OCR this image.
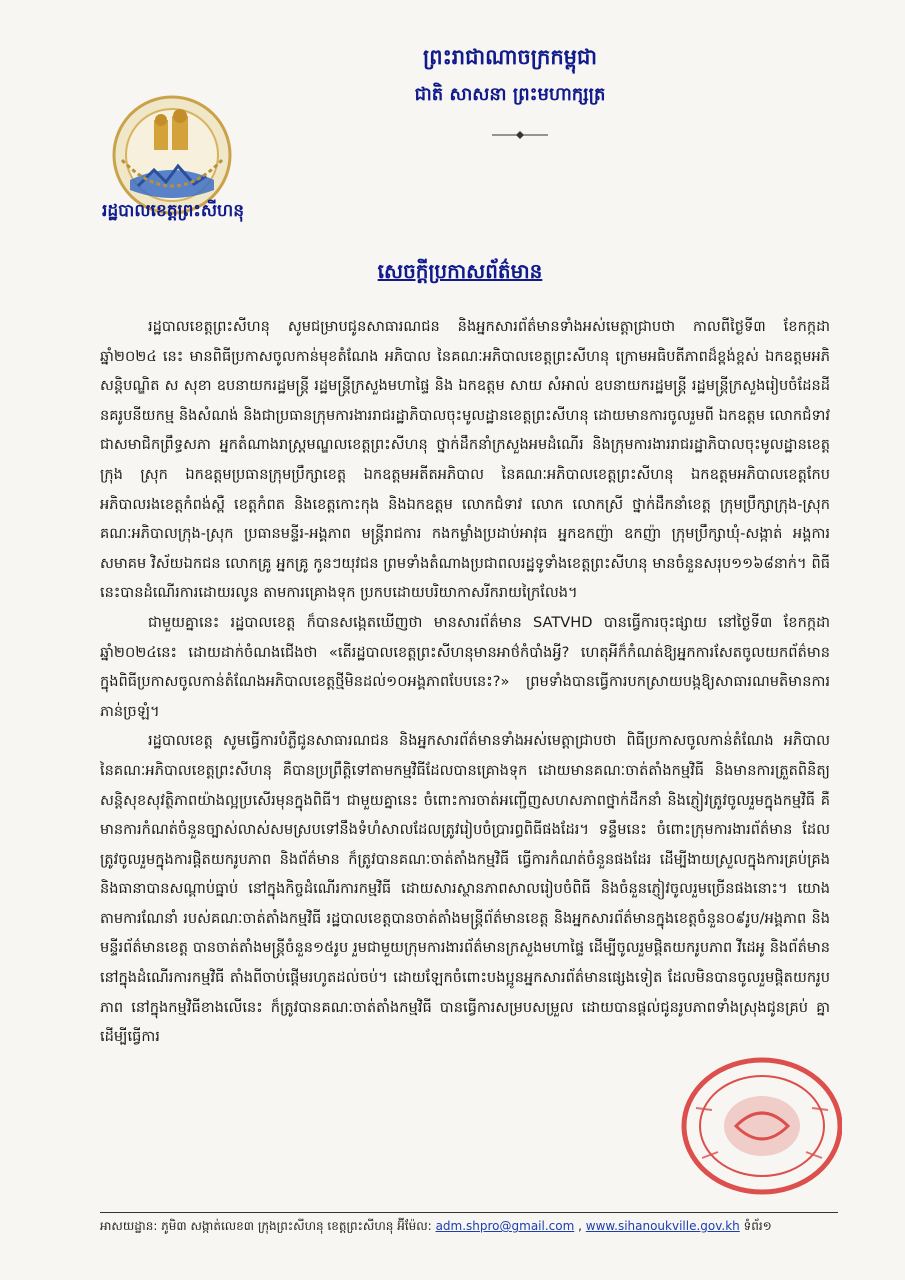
ព្រះរាជាណាចក្រកម្ពុជា
ជាតិ សាសនា ព្រះមហាក្សត្រ
រដ្ឋបាលខេត្តព្រះសីហនុ
សេចក្តីប្រកាសព័ត៌មាន

រដ្ឋបាលខេត្តព្រះសីហនុ សូមជម្រាបជូនសាធារណជន និងអ្នកសារព័ត៌មានទាំងអស់មេត្តាជ្រាបថា កាលពីថ្ងៃទី៣ ខែកក្កដា ឆ្នាំ២០២៤ នេះ មានពិធីប្រកាសចូលកាន់មុខតំណែង អភិបាល នៃគណៈអភិបាលខេត្តព្រះសីហនុ ក្រោមអធិបតីភាពដ៏ខ្ពង់ខ្ពស់ ឯកឧត្តមអភិសន្តិបណ្ឌិត ស សុខា ឧបនាយករដ្ឋមន្ត្រី រដ្ឋមន្ត្រីក្រសួងមហាផ្ទៃ និង ឯកឧត្តម សាយ សំអាល់ ឧបនាយករដ្ឋមន្ត្រី រដ្ឋមន្ត្រីក្រសួងរៀបចំដែនដី នគរូបនីយកម្ម និងសំណង់ និងជាប្រធានក្រុមការងាររាជរដ្ឋាភិបាលចុះមូលដ្ឋានខេត្តព្រះសីហនុ ដោយមានការចូលរួមពី ឯកឧត្តម លោកជំទាវ ជាសមាជិកព្រឹទ្ធសភា អ្នកតំណាងរាស្ត្រមណ្ឌលខេត្តព្រះសីហនុ ថ្នាក់ដឹកនាំក្រសួងអមដំណើរ និងក្រុមការងាររាជរដ្ឋាភិបាលចុះមូលដ្ឋានខេត្ត ក្រុង ស្រុក ឯកឧត្តមប្រធានក្រុមប្រឹក្សាខេត្ត ឯកឧត្តមអតីតអភិបាល នៃគណៈអភិបាលខេត្តព្រះសីហនុ ឯកឧត្តមអភិបាលខេត្តកែប អភិបាលរងខេត្តកំពង់ស្ពឺ ខេត្តកំពត និងខេត្តកោះកុង និងឯកឧត្តម លោកជំទាវ លោក លោកស្រី ថ្នាក់ដឹកនាំខេត្ត ក្រុមប្រឹក្សាក្រុង-ស្រុក គណៈអភិបាលក្រុង-ស្រុក ប្រធានមន្ទីរ-អង្គភាព មន្ត្រីរាជការ កងកម្លាំងប្រដាប់អាវុធ អ្នកឧកញ៉ា ឧកញ៉ា ក្រុមប្រឹក្សាឃុំ-សង្កាត់ អង្គការ សមាគម វិស័យឯកជន លោកគ្រូ អ្នកគ្រូ កូនៗយុវជន ព្រមទាំងតំណាងប្រជាពលរដ្ឋទូទាំងខេត្តព្រះសីហនុ មានចំនួនសរុប១១៦៨នាក់។ ពិធីនេះបានដំណើរការដោយរលូន តាមការគ្រោងទុក ប្រកបដោយបរិយាកាសរីករាយក្រៃលែង។

ជាមួយគ្នានេះ រដ្ឋបាលខេត្ត ក៏បានសង្កេតឃើញថា មានសារព័ត៌មាន SATVHD បានធ្វើការចុះផ្សាយ នៅថ្ងៃទី៣ ខែកក្កដា ឆ្នាំ២០២៤នេះ ដោយដាក់ចំណងជើងថា «តើរដ្ឋបាលខេត្តព្រះសីហនុមានអាថ៌កំបាំងអ្វី? ហេតុអីក៏កំណត់ឱ្យអ្នកការសែតចូលយកព័ត៌មាន ក្នុងពិធីប្រកាសចូលកាន់តំណែងអភិបាលខេត្តថ្មីមិនដល់១០អង្គភាពបែបនេះ?» ព្រមទាំងបានធ្វើការបកស្រាយបង្កឱ្យសាធារណមតិមានការភាន់ច្រឡំ។

រដ្ឋបាលខេត្ត សូមធ្វើការបំភ្លឺជូនសាធារណជន និងអ្នកសារព័ត៌មានទាំងអស់មេត្តាជ្រាបថា ពិធីប្រកាសចូលកាន់តំណែង អភិបាល នៃគណៈអភិបាលខេត្តព្រះសីហនុ គឺបានប្រព្រឹត្តិទៅតាមកម្មវិធីដែលបានគ្រោងទុក ដោយមានគណៈចាត់តាំងកម្មវិធី និងមានការត្រួតពិនិត្យសន្តិសុខសុវត្ថិភាពយ៉ាងល្អប្រសើរមុនក្នុងពិធី។ ជាមួយគ្នានេះ ចំពោះការចាត់អញ្ជើញសហសភាពថ្នាក់ដឹកនាំ និងភ្ញៀវត្រូវចូលរួមក្នុងកម្មវិធី គឺមានការកំណត់ចំនួនច្បាស់លាស់សមស្របទៅនឹងទំហំសាលដែលត្រូវរៀបចំប្រារព្ធពិធីផងដែរ។ ទន្ទឹមនេះ ចំពោះក្រុមការងារព័ត៌មាន ដែលត្រូវចូលរួមក្នុងការផ្តិតយករូបភាព និងព័ត៌មាន ក៏ត្រូវបានគណៈចាត់តាំងកម្មវិធី ធ្វើការកំណត់ចំនួនផងដែរ ដើម្បីងាយស្រួលក្នុងការគ្រប់គ្រង និងធានាបានសណ្តាប់ធ្នាប់ នៅក្នុងកិច្ចដំណើរការកម្មវិធី ដោយសារស្ថានភាពសាលរៀបចំពិធី និងចំនួនភ្ញៀវចូលរួមច្រើនផងនោះ។ យោងតាមការណែនាំ របស់គណៈចាត់តាំងកម្មវិធី រដ្ឋបាលខេត្តបានចាត់តាំងមន្ត្រីព័ត៌មានខេត្ត និងអ្នកសារព័ត៌មានក្នុងខេត្តចំនួន០៩រូប/អង្គភាព និងមន្ទីរព័ត៌មានខេត្ត បានចាត់តាំងមន្ត្រីចំនួន១៥រូប រួមជាមួយក្រុមការងារព័ត៌មានក្រសួងមហាផ្ទៃ ដើម្បីចូលរួមផ្តិតយករូបភាព វីដេអូ និងព័ត៌មាននៅក្នុងដំណើរការកម្មវិធី តាំងពីចាប់ផ្តើមរហូតដល់ចប់។ ដោយឡែកចំពោះបងប្អូនអ្នកសារព័ត៌មានផ្សេងទៀត ដែលមិនបានចូលរួមផ្តិតយករូបភាព នៅក្នុងកម្មវិធីខាងលើនេះ ក៏ត្រូវបានគណៈចាត់តាំងកម្មវិធី បានធ្វើការសម្របសម្រួល ដោយបានផ្តល់ជូនរូបភាពទាំងស្រុងជូនគ្រប់ គ្នា ដើម្បីធ្វើការ

អាសយដ្ឋាន: ភូមិ៣ សង្កាត់លេខ៣ ក្រុងព្រះសីហនុ ខេត្តព្រះសីហនុ អ៊ីម៉ែល: adm.shpro@gmail.com , www.sihanoukville.gov.kh ទំព័រ១
